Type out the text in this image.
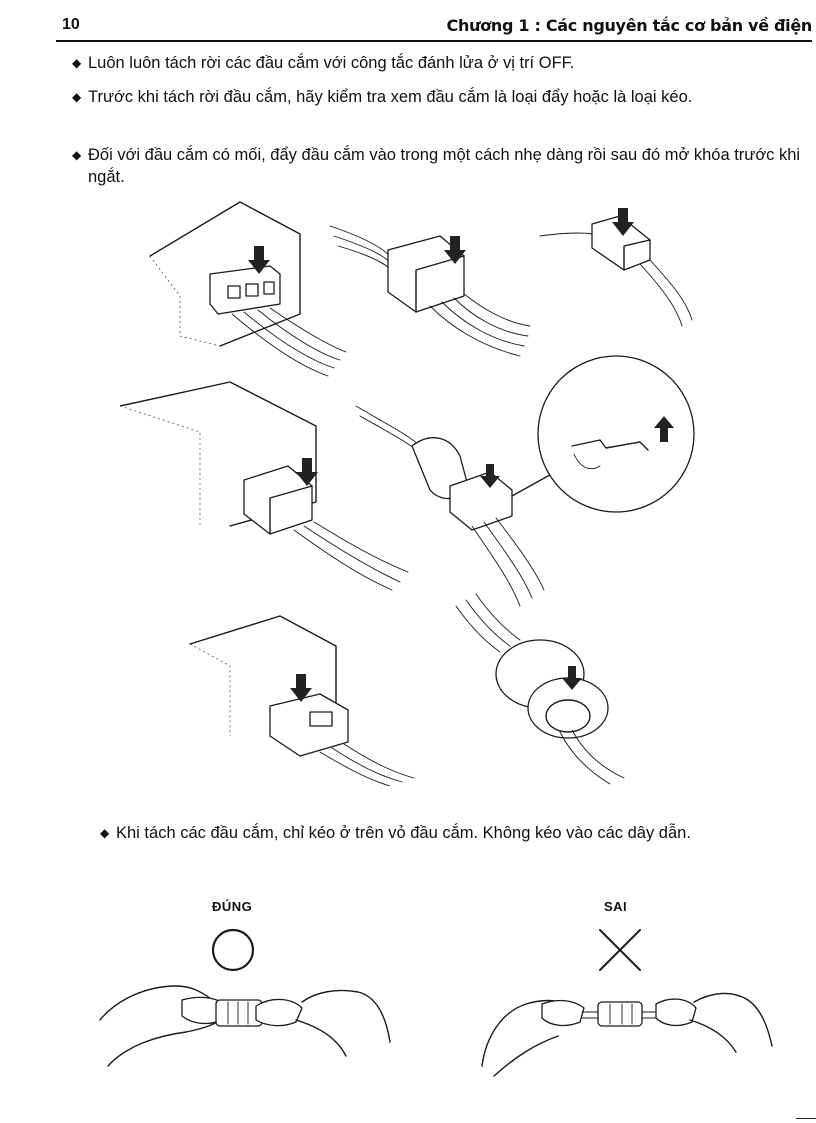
10	Chương 1 : Các nguyên tắc cơ bản về điện
◆ Luôn luôn tách rời các đầu cắm với công tắc đánh lửa ở vị trí OFF.
◆ Trước khi tách rời đầu cắm, hãy kiểm tra xem đầu cắm là loại đẩy hoặc là loại kéo.
◆ Đối với đầu cắm có mối, đẩy đầu cắm vào trong một cách nhẹ dàng rồi sau đó mở khóa trước khi ngắt.
◆ Khi tách các đầu cắm, chỉ kéo ở trên vỏ đầu cắm. Không kéo vào các dây dẫn.
ĐÚNG	SAI
